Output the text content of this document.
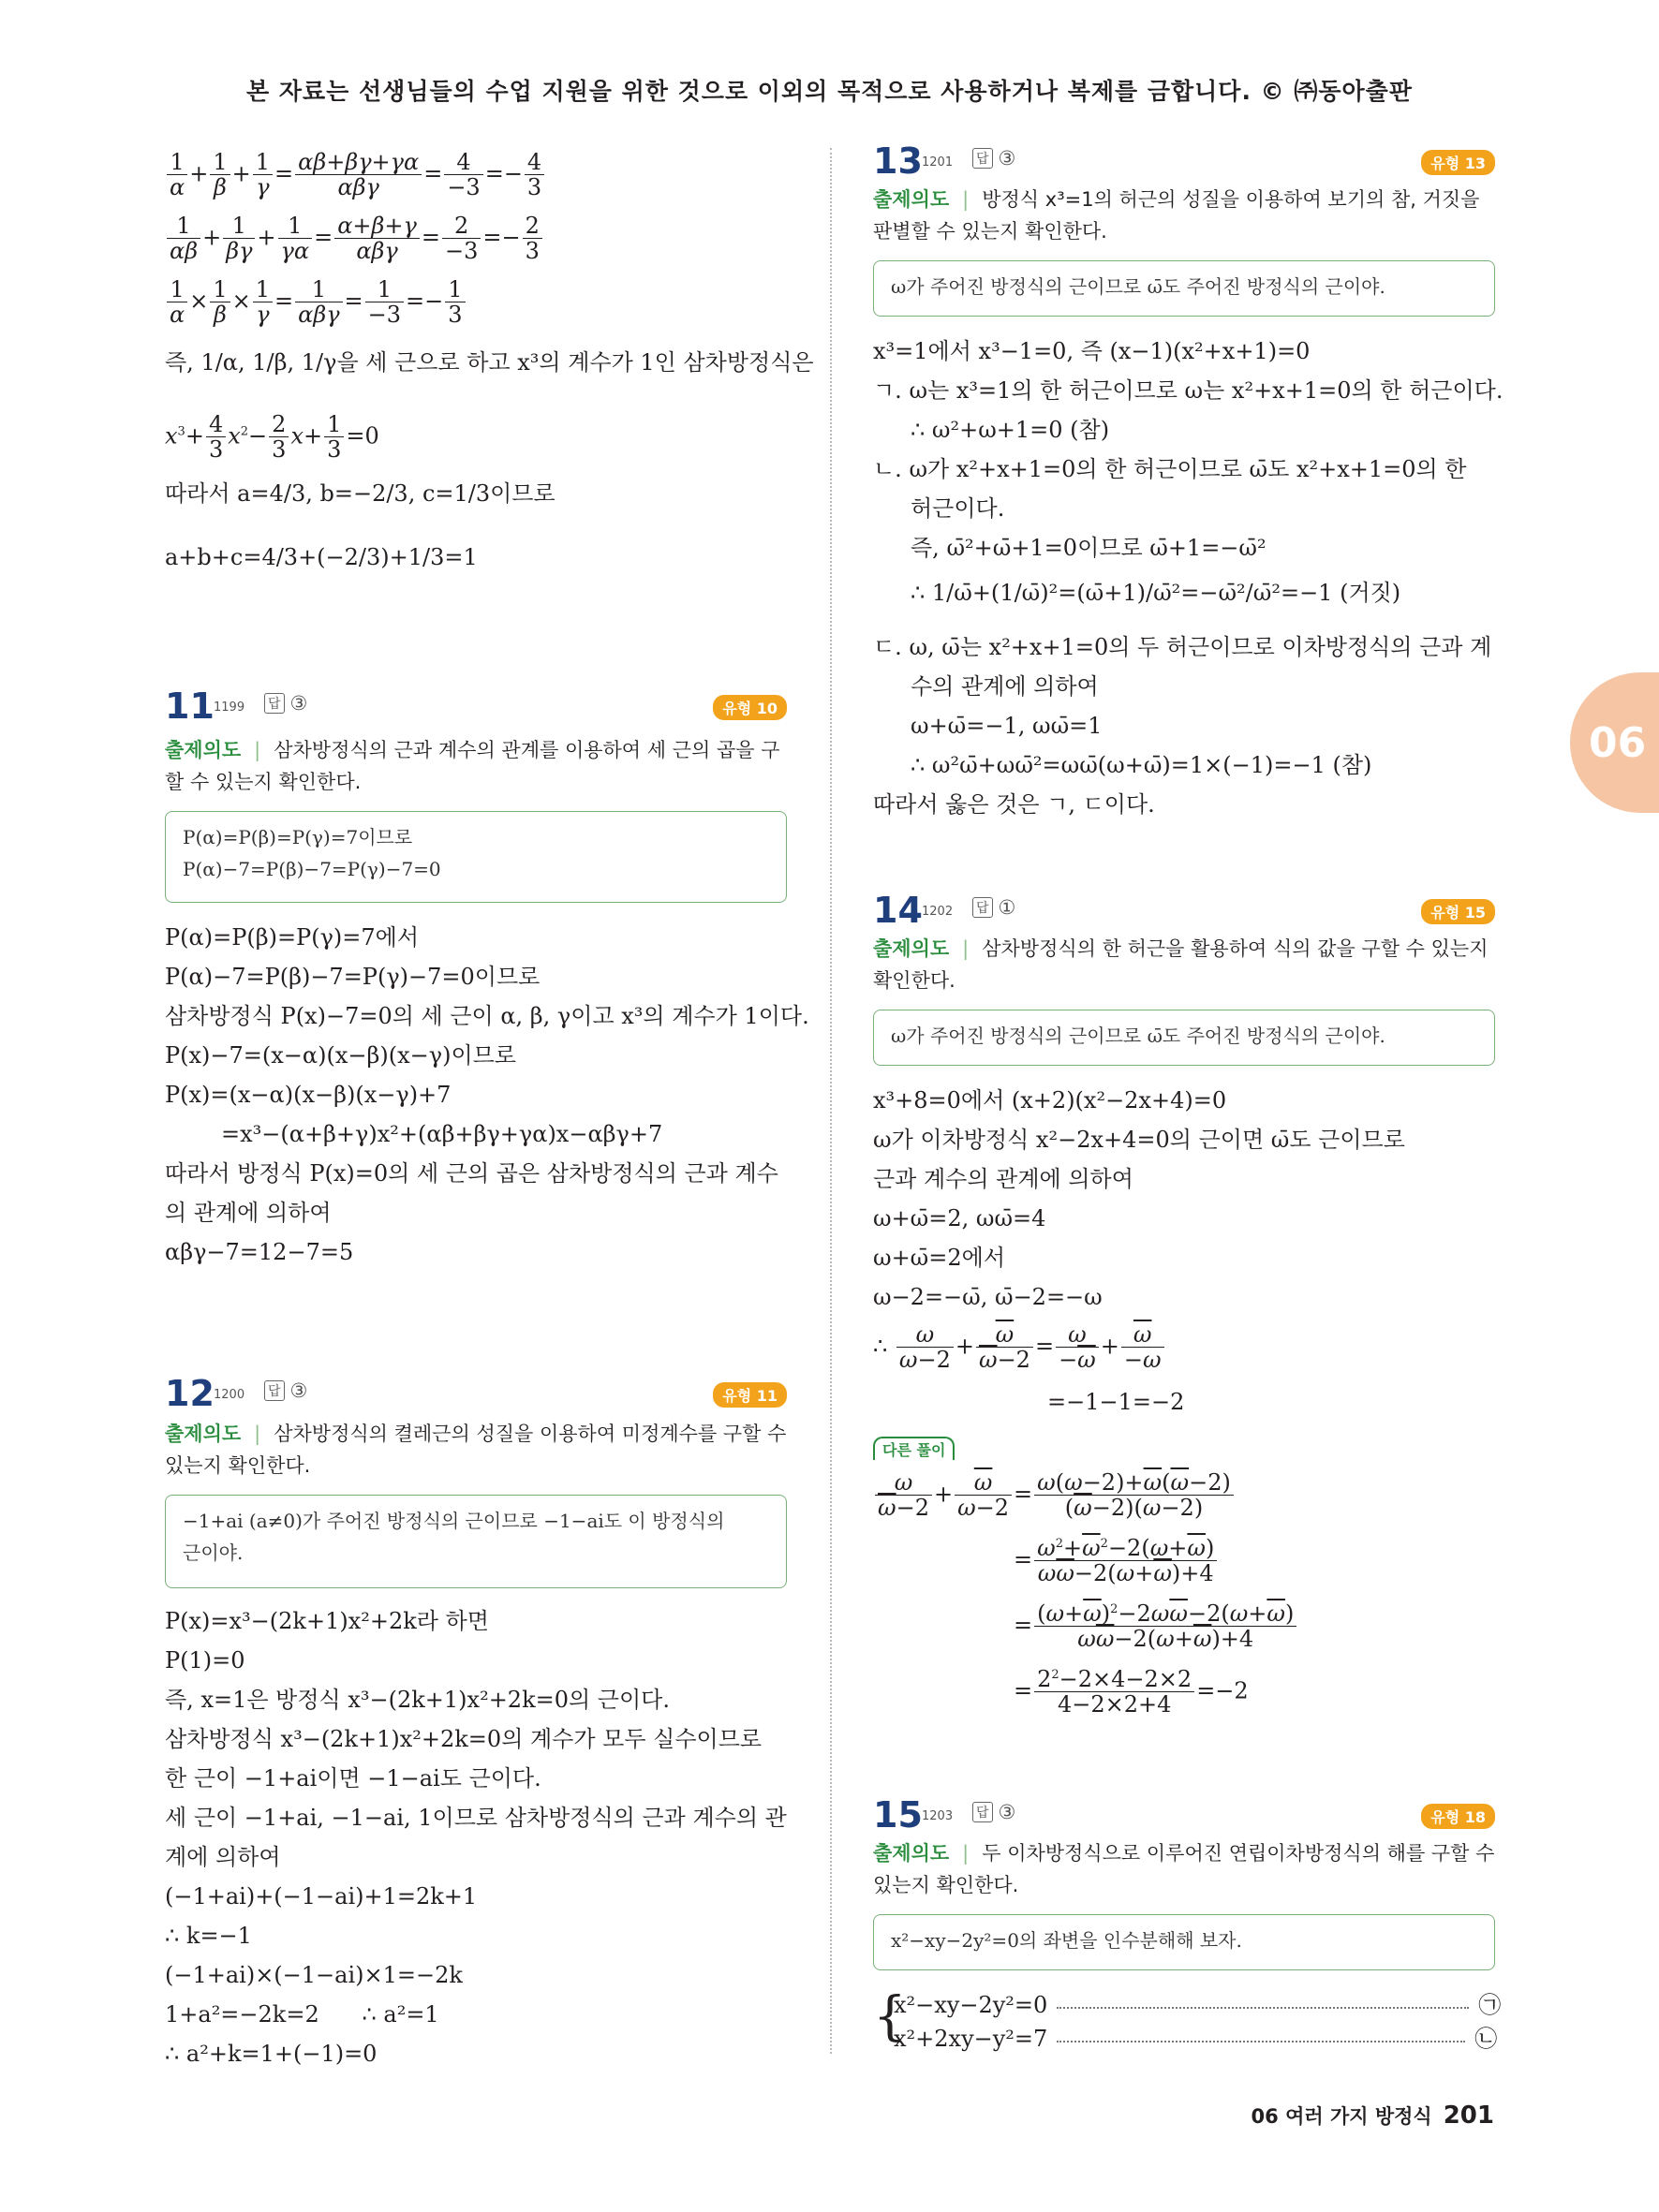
본 자료는 선생님들의 수업 지원을 위한 것으로 이외의 목적으로 사용하거나 복제를 금합니다. © ㈜동아출판
06
$\frac{1}{\alpha} + \frac{1}{\beta} + \frac{1}{\gamma} = \frac{\alpha\beta+\beta\gamma+\gamma\alpha}{\text{αβγ}} = \frac{4}{-3} =- \frac{4}{3}$
$\frac{1}{\alpha\beta} + \frac{1}{\beta\gamma} + \frac{1}{\gamma\alpha} = \frac{\alpha+\beta+\gamma}{\text{αβγ}} = \frac{2}{-3} =- \frac{2}{3}$
$\frac{1}{\alpha} \times \frac{1}{\beta} \times \frac{1}{\gamma} = \frac{1}{\text{αβγ}} = \frac{1}{-3} =- \frac{1}{3}$
즉, 1/α, 1/β, 1/γ을 세 근으로 하고 x³의 계수가 1인 삼차방정식은
$x^3+ \frac{4}{3} x^2- \frac{2}{3} x+ \frac{1}{3} =0$
따라서 a=4/3, b=−2/3, c=1/3이므로
a+b+c=4/3+(−2/3)+1/3=1
11 1199 답 ③	유형 10
출제의도 | 삼차방정식의 근과 계수의 관계를 이용하여 세 근의 곱을 구할 수 있는지 확인한다.
P(α)=P(β)=P(γ)=7이므로
P(α)−7=P(β)−7=P(γ)−7=0
P(α)=P(β)=P(γ)=7에서
P(α)−7=P(β)−7=P(γ)−7=0이므로
삼차방정식 P(x)−7=0의 세 근이 α, β, γ이고 x³의 계수가 1이다.
P(x)−7=(x−α)(x−β)(x−γ)이므로
P(x)=(x−α)(x−β)(x−γ)+7
=x³−(α+β+γ)x²+(αβ+βγ+γα)x−αβγ+7
따라서 방정식 P(x)=0의 세 근의 곱은 삼차방정식의 근과 계수
의 관계에 의하여
αβγ−7=12−7=5
12 1200 답 ③	유형 11
출제의도 | 삼차방정식의 켤레근의 성질을 이용하여 미정계수를 구할 수 있는지 확인한다.
−1+ai (a≠0)가 주어진 방정식의 근이므로 −1−ai도 이 방정식의
근이야.
P(x)=x³−(2k+1)x²+2k라 하면
P(1)=0
즉, x=1은 방정식 x³−(2k+1)x²+2k=0의 근이다.
삼차방정식 x³−(2k+1)x²+2k=0의 계수가 모두 실수이므로
한 근이 −1+ai이면 −1−ai도 근이다.
세 근이 −1+ai, −1−ai, 1이므로 삼차방정식의 근과 계수의 관
계에 의하여
(−1+ai)+(−1−ai)+1=2k+1
∴ k=−1
(−1+ai)×(−1−ai)×1=−2k
1+a²=−2k=2      ∴ a²=1
∴ a²+k=1+(−1)=0
13 1201 답 ③	유형 13
출제의도 | 방정식 x³=1의 허근의 성질을 이용하여 보기의 참, 거짓을 판별할 수 있는지 확인한다.
ω가 주어진 방정식의 근이므로 ω̄도 주어진 방정식의 근이야.
x³=1에서 x³−1=0, 즉 (x−1)(x²+x+1)=0
ㄱ. ω는 x³=1의 한 허근이므로 ω는 x²+x+1=0의 한 허근이다.
∴ ω²+ω+1=0 (참)
ㄴ. ω가 x²+x+1=0의 한 허근이므로 ω̄도 x²+x+1=0의 한
허근이다.
즉, ω̄²+ω̄+1=0이므로 ω̄+1=−ω̄²
∴ 1/ω̄+(1/ω̄)²=(ω̄+1)/ω̄²=−ω̄²/ω̄²=−1 (거짓)
ㄷ. ω, ω̄는 x²+x+1=0의 두 허근이므로 이차방정식의 근과 계
수의 관계에 의하여
ω+ω̄=−1, ωω̄=1
∴ ω²ω̄+ωω̄²=ωω̄(ω+ω̄)=1×(−1)=−1 (참)
따라서 옳은 것은 ㄱ, ㄷ이다.
14 1202 답 ①	유형 15
출제의도 | 삼차방정식의 한 허근을 활용하여 식의 값을 구할 수 있는지 확인한다.
ω가 주어진 방정식의 근이므로 ω̄도 주어진 방정식의 근이야.
x³+8=0에서 (x+2)(x²−2x+4)=0
ω가 이차방정식 x²−2x+4=0의 근이면 ω̄도 근이므로
근과 계수의 관계에 의하여
ω+ω̄=2, ωω̄=4
ω+ω̄=2에서
ω−2=−ω̄, ω̄−2=−ω
∴ $\frac{\omega}{\omega-2} + \frac{\overline{\omega}}{\overline{\omega}-2} = \frac{\omega}{-\overline{\omega}} + \frac{\overline{\omega}}{-\omega}$
=−1−1=−2
다른 풀이
$\frac{\omega}{\overline{\omega}-2} + \frac{\overline{\omega}}{\omega-2} = \frac{\omega(\omega-2)+\overline{\omega}(\overline{\omega}-2)}{(\overline{\omega}-2)(\omega-2)}$
= $\frac{\omega^2+\overline{\omega}^2-2(\omega+\overline{\omega})}{\omega\overline{\omega}-2(\omega+\overline{\omega})+4}$
= $\frac{(\omega+\overline{\omega})^2-2\omega\overline{\omega}-2(\omega+\overline{\omega})}{\omega\overline{\omega}-2(\omega+\overline{\omega})+4}$
= $\frac{2^2-2\times 4-2\times 2}{4-2\times 2+4} =-2$
15 1203 답 ③	유형 18
출제의도 | 두 이차방정식으로 이루어진 연립이차방정식의 해를 구할 수 있는지 확인한다.
x²−xy−2y²=0의 좌변을 인수분해해 보자.
{
x²−xy−2y²=0	㉠
x²+2xy−y²=7	㉡
06 여러 가지 방정식 201
